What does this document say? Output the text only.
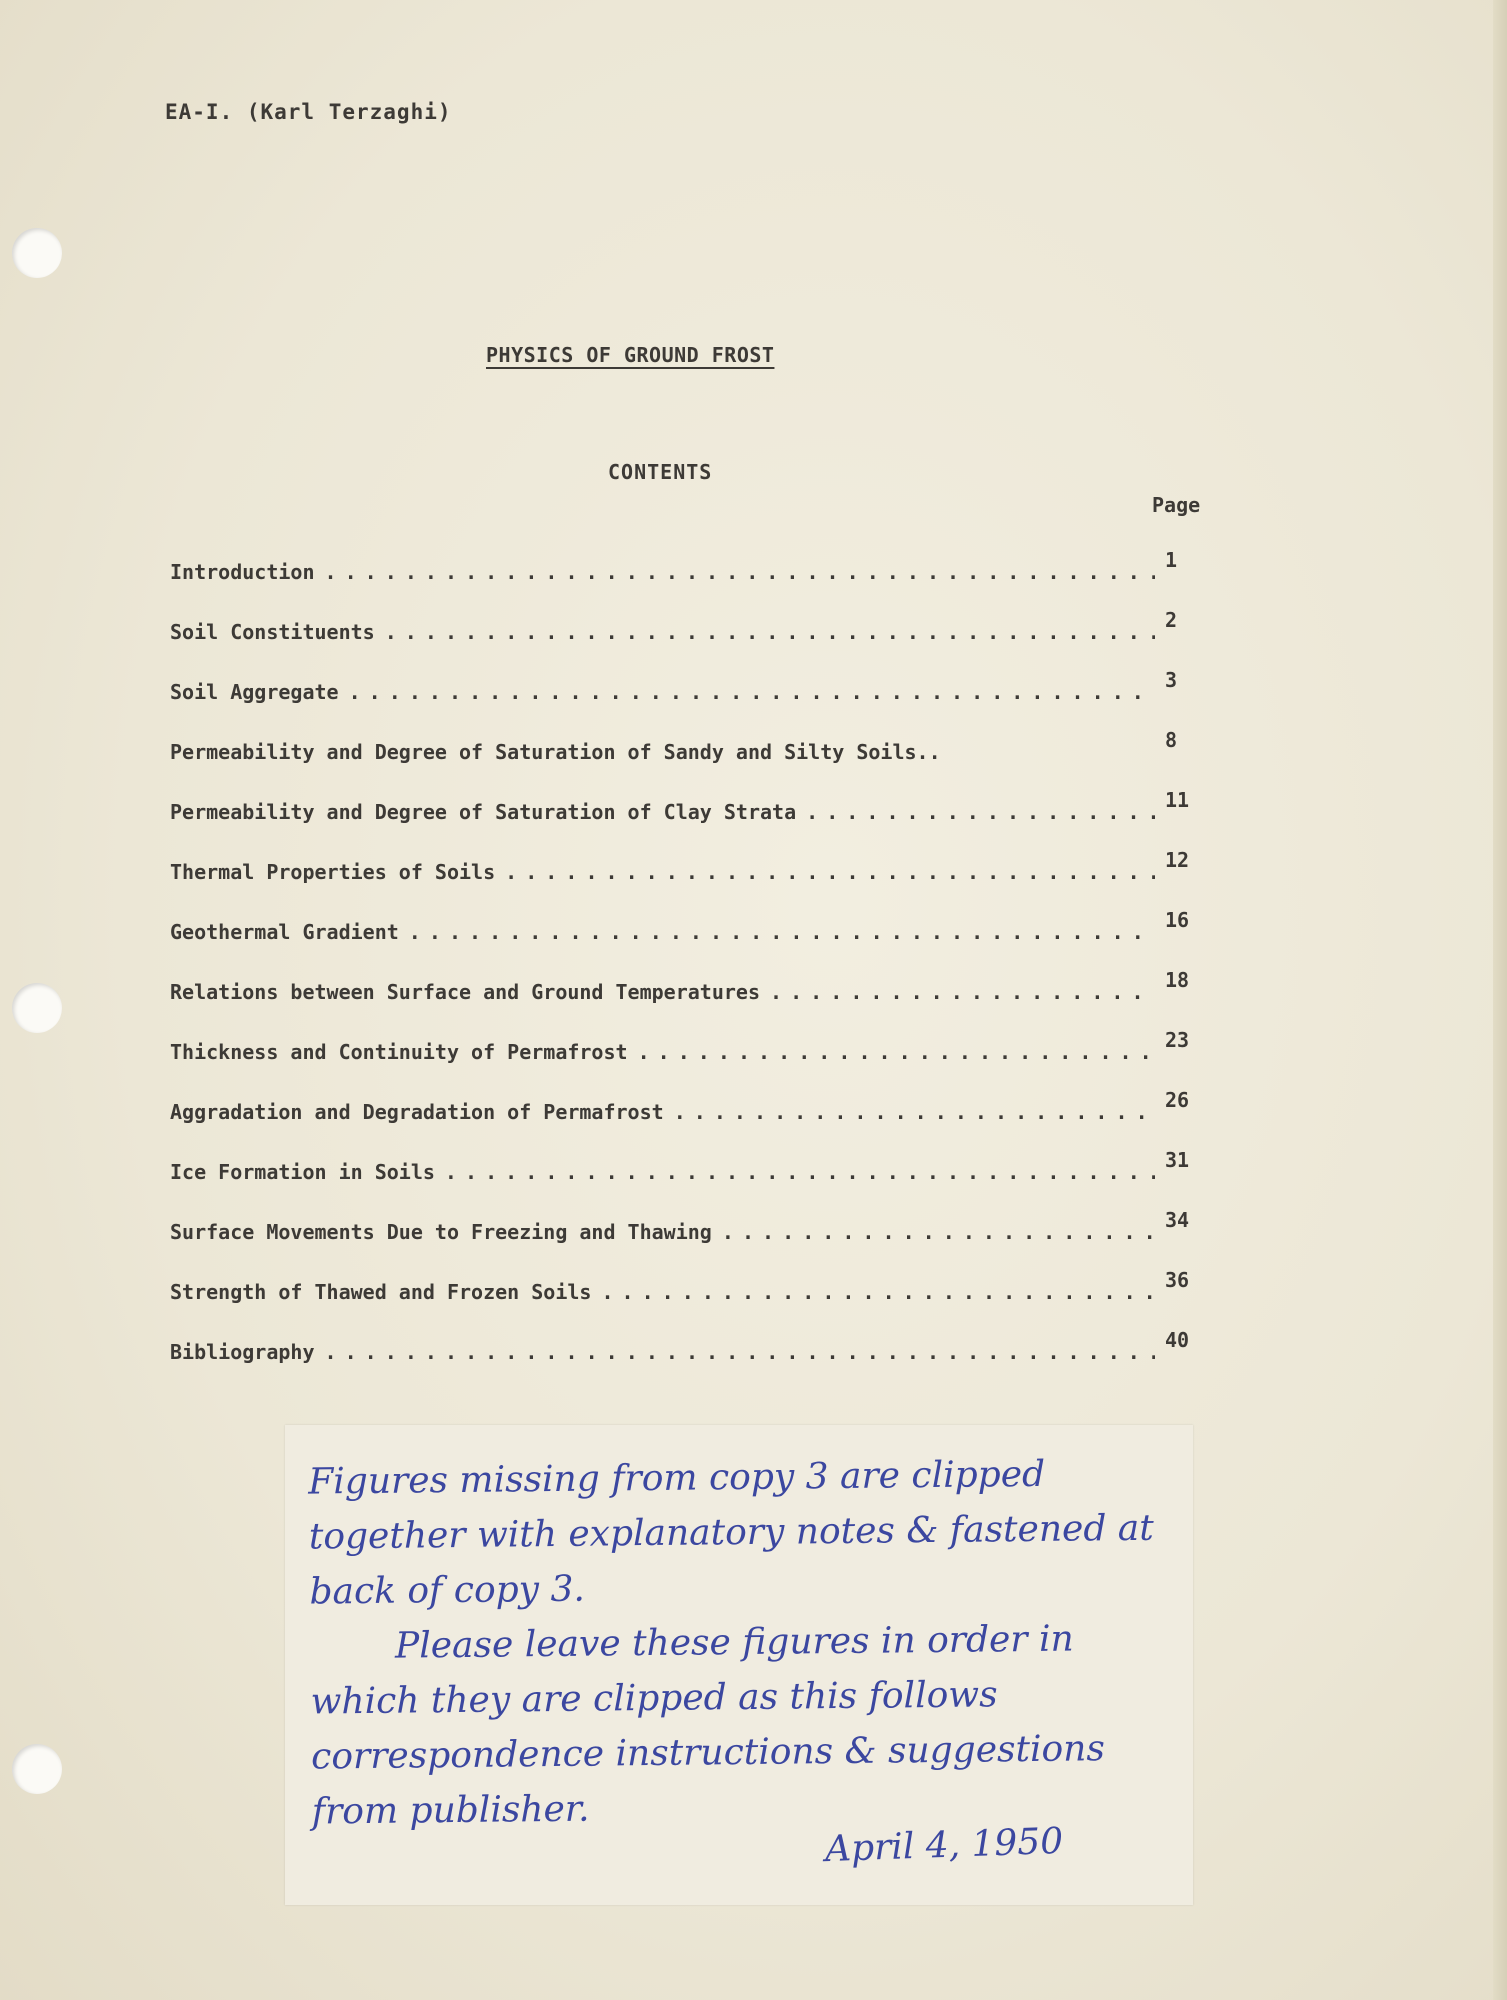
EA-I. (Karl Terzaghi)
PHYSICS OF GROUND FROST
CONTENTS
Page
Introduction . . .	1
Soil Constituents . . .	2
Soil Aggregate . . .	3
Permeability and Degree of Saturation of Sandy and Silty Soils..	8
Permeability and Degree of Saturation of Clay Strata . . .	11
Thermal Properties of Soils . . .	12
Geothermal Gradient . . .	16
Relations between Surface and Ground Temperatures . . .	18
Thickness and Continuity of Permafrost . . .	23
Aggradation and Degradation of Permafrost . . .	26
Ice Formation in Soils . . .	31
Surface Movements Due to Freezing and Thawing . . .	34
Strength of Thawed and Frozen Soils . . .	36
Bibliography . . .	40

Figures missing from copy 3 are clipped together with explanatory notes & fastened at back of copy 3.

Please leave these figures in order in which they are clipped as this follows correspondence instructions & suggestions from publisher.

April 4, 1950
